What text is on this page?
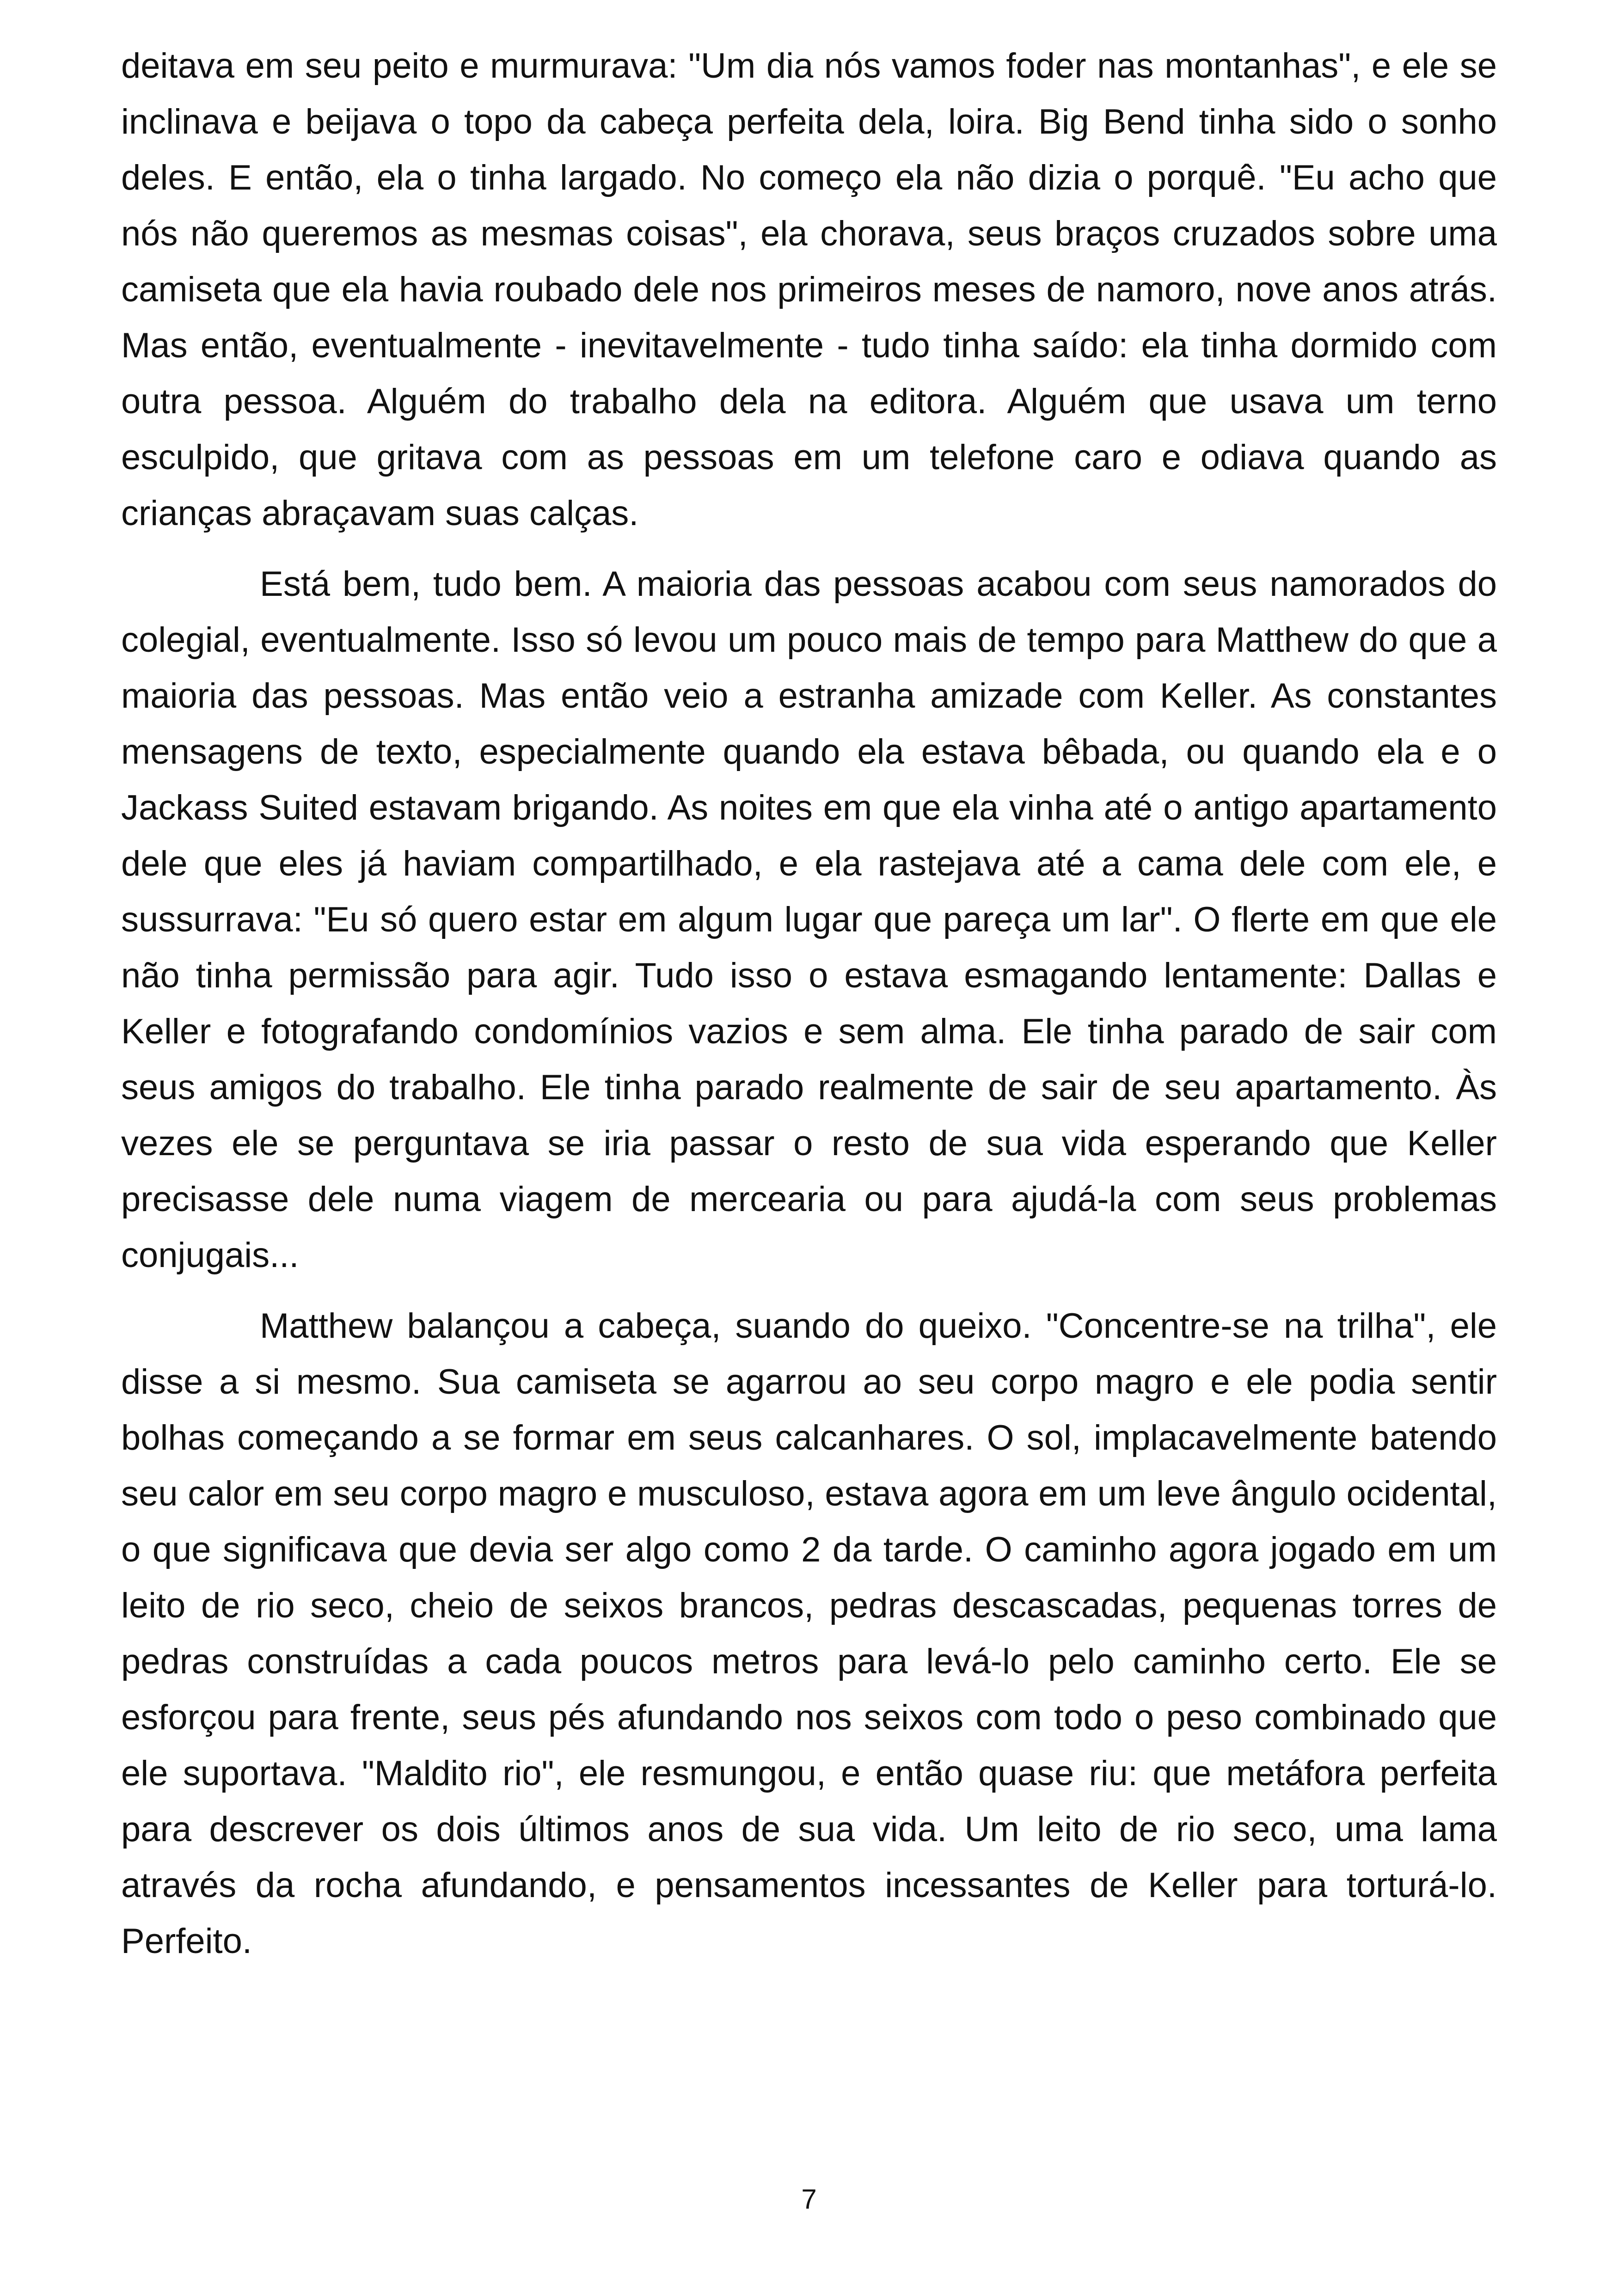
deitava em seu peito e murmurava: "Um dia nós vamos foder nas montanhas", e ele se inclinava e beijava o topo da cabeça perfeita dela, loira. Big Bend tinha sido o sonho deles. E então, ela o tinha largado. No começo ela não dizia o porquê. "Eu acho que nós não queremos as mesmas coisas", ela chorava, seus braços cruzados sobre uma camiseta que ela havia roubado dele nos primeiros meses de namoro, nove anos atrás. Mas então, eventualmente - inevitavelmente - tudo tinha saído: ela tinha dormido com outra pessoa. Alguém do trabalho dela na editora. Alguém que usava um terno esculpido, que gritava com as pessoas em um telefone caro e odiava quando as crianças abraçavam suas calças.

Está bem, tudo bem. A maioria das pessoas acabou com seus namorados do colegial, eventualmente. Isso só levou um pouco mais de tempo para Matthew do que a maioria das pessoas. Mas então veio a estranha amizade com Keller. As constantes mensagens de texto, especialmente quando ela estava bêbada, ou quando ela e o Jackass Suited estavam brigando. As noites em que ela vinha até o antigo apartamento dele que eles já haviam compartilhado, e ela rastejava até a cama dele com ele, e sussurrava: "Eu só quero estar em algum lugar que pareça um lar". O flerte em que ele não tinha permissão para agir. Tudo isso o estava esmagando lentamente: Dallas e Keller e fotografando condomínios vazios e sem alma. Ele tinha parado de sair com seus amigos do trabalho. Ele tinha parado realmente de sair de seu apartamento. Às vezes ele se perguntava se iria passar o resto de sua vida esperando que Keller precisasse dele numa viagem de mercearia ou para ajudá-la com seus problemas conjugais...

Matthew balançou a cabeça, suando do queixo. "Concentre-se na trilha", ele disse a si mesmo. Sua camiseta se agarrou ao seu corpo magro e ele podia sentir bolhas começando a se formar em seus calcanhares. O sol, implacavelmente batendo seu calor em seu corpo magro e musculoso, estava agora em um leve ângulo ocidental, o que significava que devia ser algo como 2 da tarde. O caminho agora jogado em um leito de rio seco, cheio de seixos brancos, pedras descascadas, pequenas torres de pedras construídas a cada poucos metros para levá-lo pelo caminho certo. Ele se esforçou para frente, seus pés afundando nos seixos com todo o peso combinado que ele suportava. "Maldito rio", ele resmungou, e então quase riu: que metáfora perfeita para descrever os dois últimos anos de sua vida. Um leito de rio seco, uma lama através da rocha afundando, e pensamentos incessantes de Keller para torturá-lo. Perfeito.

7
